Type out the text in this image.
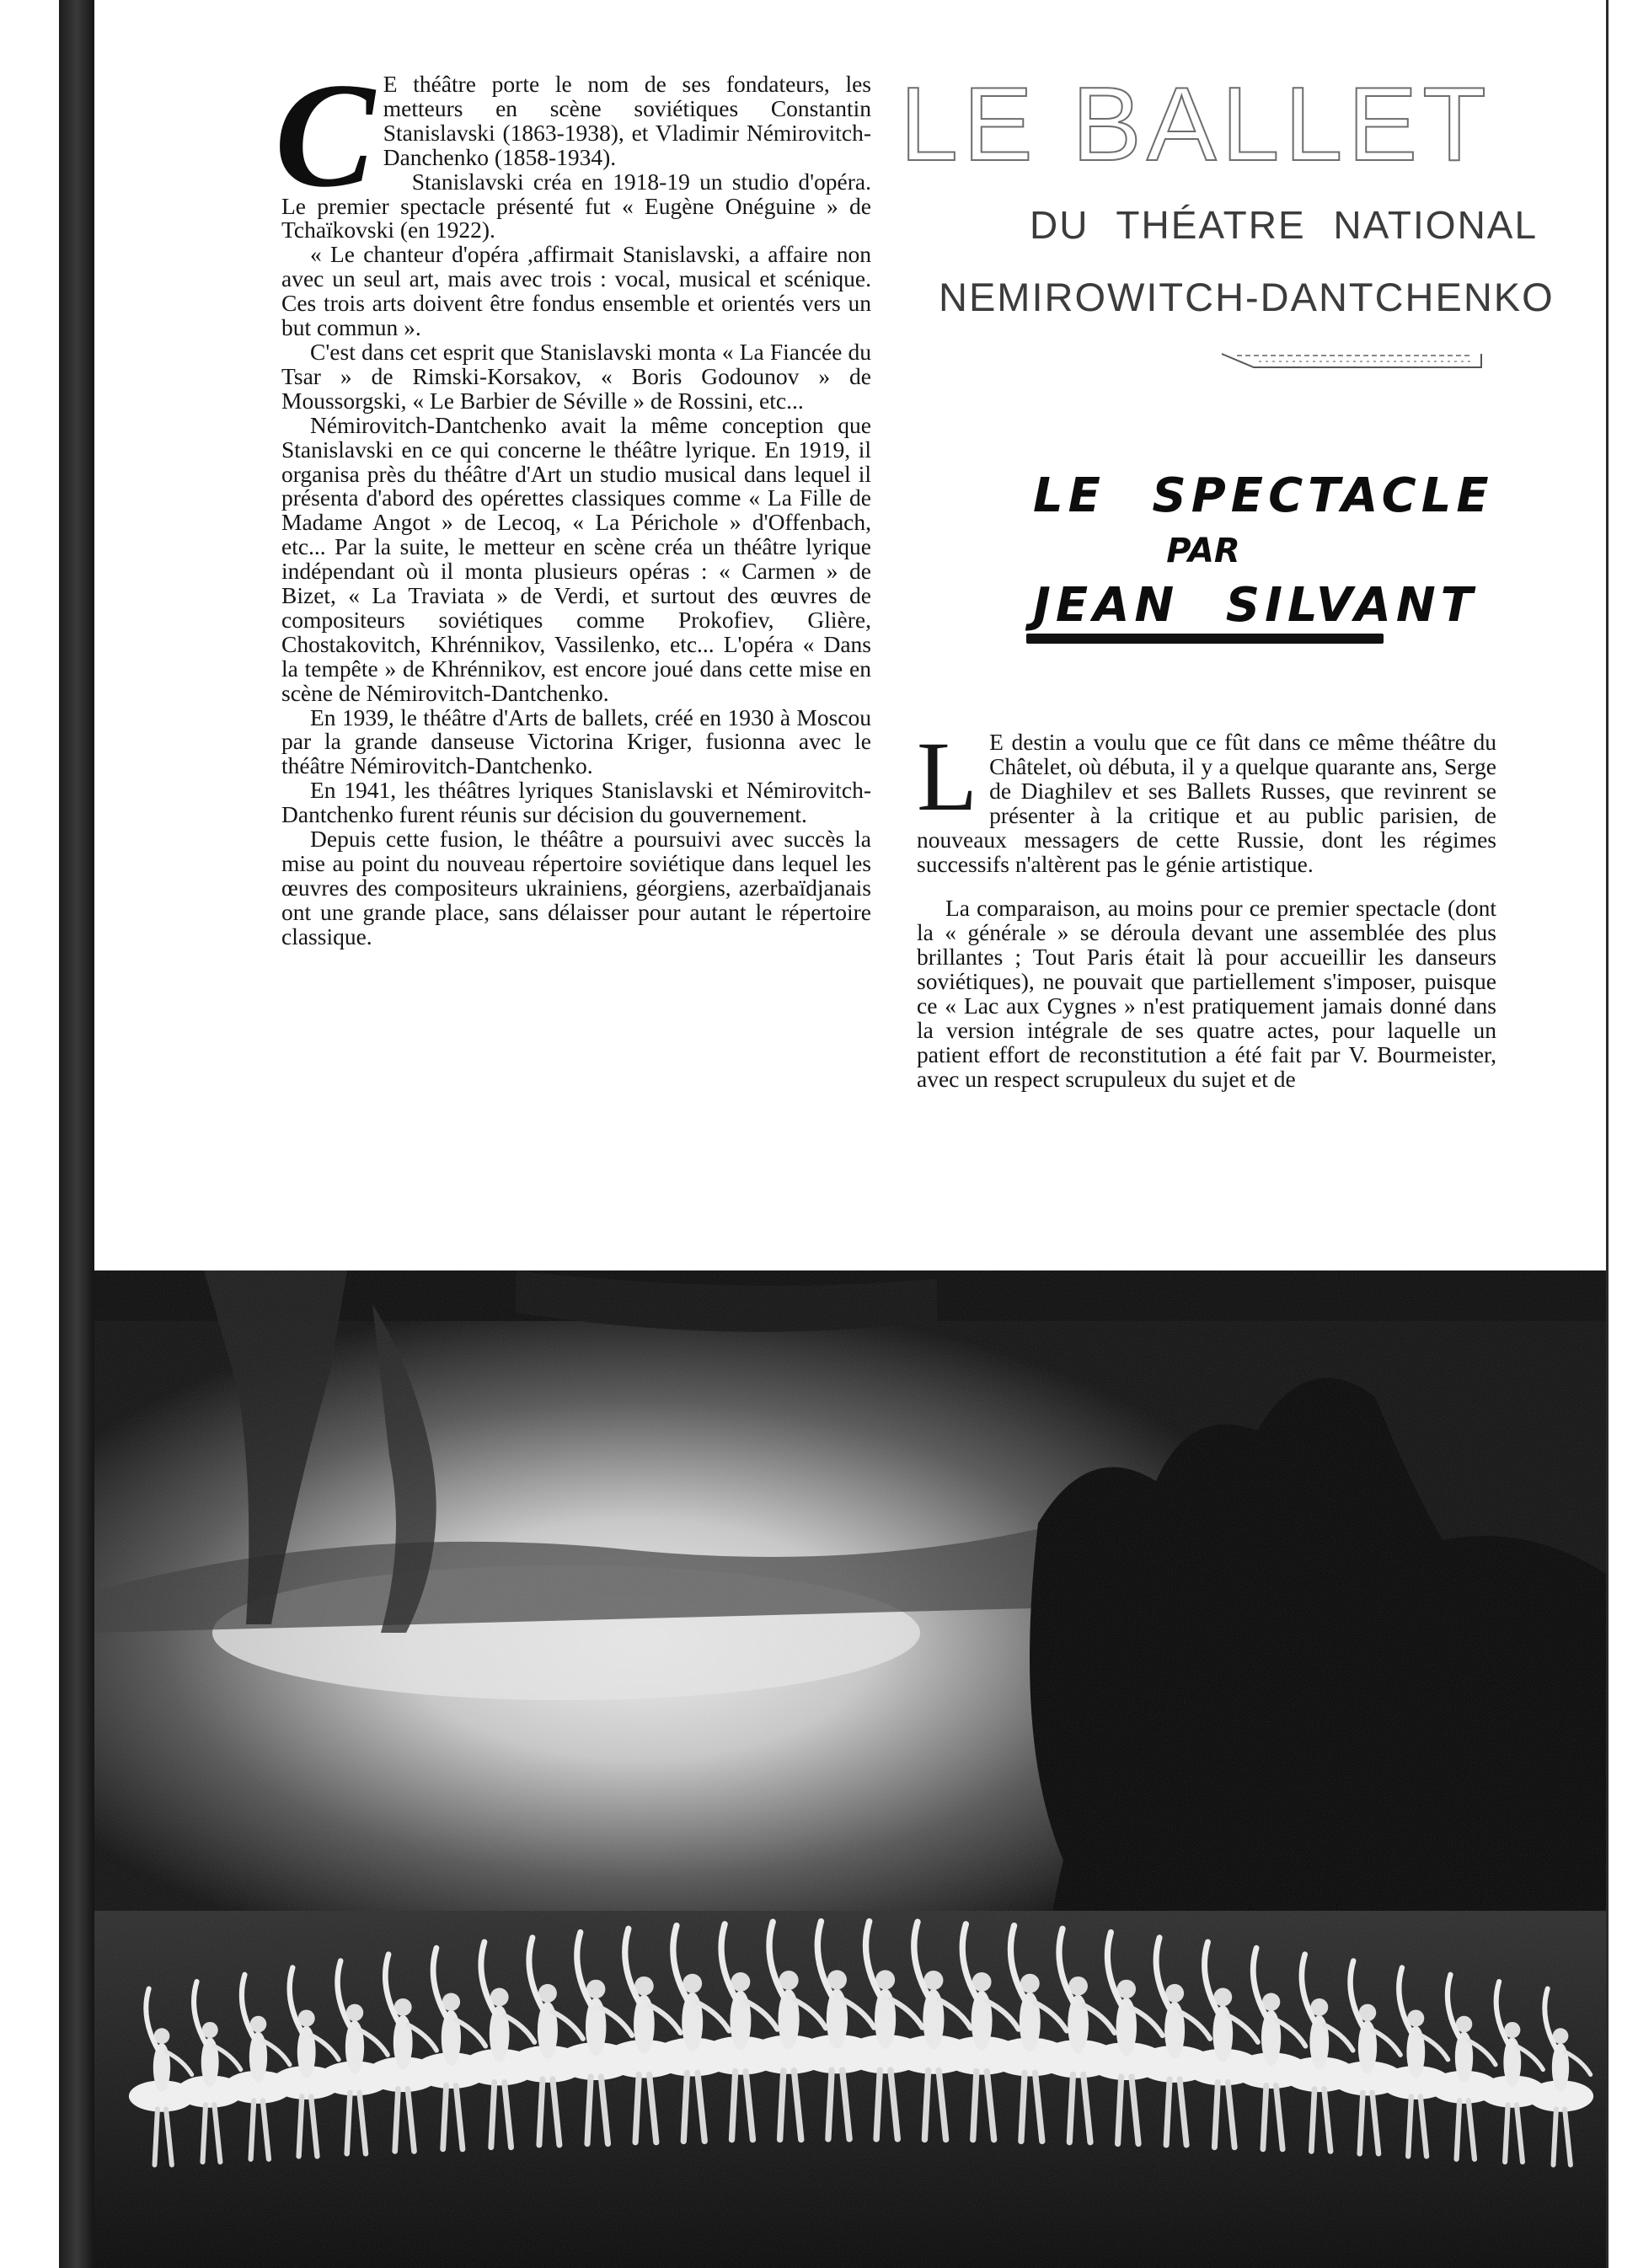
C E théâtre porte le nom de ses fondateurs, les metteurs en scène soviétiques Constantin Stanislavski (1863-1938), et Vladimir Némirovitch-Danchenko (1858-1934).

Stanislavski créa en 1918-19 un studio d'opéra. Le premier spectacle présenté fut « Eugène Onéguine » de Tchaïkovski (en 1922).

« Le chanteur d'opéra ,affirmait Stanislavski, a affaire non avec un seul art, mais avec trois : vocal, musical et scénique. Ces trois arts doivent être fondus ensemble et orientés vers un but commun ».

C'est dans cet esprit que Stanislavski monta « La Fiancée du Tsar » de Rimski-Korsakov, « Boris Godounov » de Moussorgski, « Le Barbier de Séville » de Rossini, etc...

Némirovitch-Dantchenko avait la même conception que Stanislavski en ce qui concerne le théâtre lyrique. En 1919, il organisa près du théâtre d'Art un studio musical dans lequel il présenta d'abord des opérettes classiques comme « La Fille de Madame Angot » de Lecoq, « La Périchole » d'Offenbach, etc... Par la suite, le metteur en scène créa un théâtre lyrique indépendant où il monta plusieurs opéras : « Carmen » de Bizet, « La Traviata » de Verdi, et surtout des œuvres de compositeurs soviétiques comme Prokofiev, Glière, Chostakovitch, Khrénnikov, Vassilenko, etc... L'opéra « Dans la tempête » de Khrénnikov, est encore joué dans cette mise en scène de Némirovitch-Dantchenko.

En 1939, le théâtre d'Arts de ballets, créé en 1930 à Moscou par la grande danseuse Victorina Kriger, fusionna avec le théâtre Némirovitch-Dantchenko.

En 1941, les théâtres lyriques Stanislavski et Némirovitch-Dantchenko furent réunis sur décision du gouvernement.

Depuis cette fusion, le théâtre a poursuivi avec succès la mise au point du nouveau répertoire soviétique dans lequel les œuvres des compositeurs ukrainiens, géorgiens, azerbaïdjanais ont une grande place, sans délaisser pour autant le répertoire classique.

LE BALLET
DU THÉATRE NATIONAL
NEMIROWITCH-DANTCHENKO
LE SPECTACLE
PAR
JEAN SILVANT
L E destin a voulu que ce fût dans ce même théâtre du Châtelet, où débuta, il y a quelque quarante ans, Serge de Diaghilev et ses Ballets Russes, que revinrent se présenter à la critique et au public parisien, de nouveaux messagers de cette Russie, dont les régimes successifs n'altèrent pas le génie artistique.

La comparaison, au moins pour ce premier spectacle (dont la « générale » se déroula devant une assemblée des plus brillantes ; Tout Paris était là pour accueillir les danseurs soviétiques), ne pouvait que partiellement s'imposer, puisque ce « Lac aux Cygnes » n'est pratiquement jamais donné dans la version intégrale de ses quatre actes, pour laquelle un patient effort de reconstitution a été fait par V. Bourmeister, avec un respect scrupuleux du sujet et de
